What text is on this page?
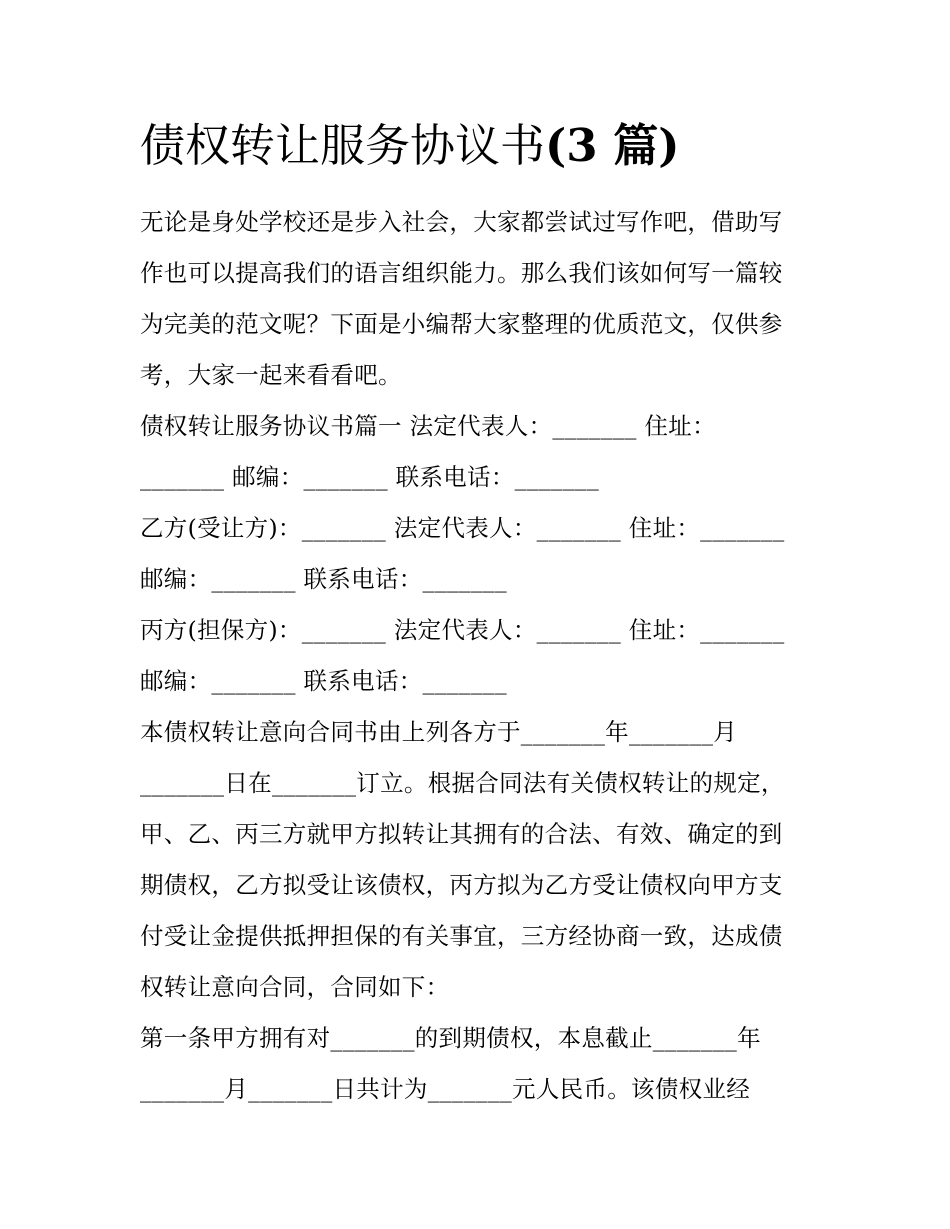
债权转让服务协议书(3 篇)

无论是身处学校还是步入社会，大家都尝试过写作吧，借助写

作也可以提高我们的语言组织能力。那么我们该如何写一篇较

为完美的范文呢？下面是小编帮大家整理的优质范文，仅供参

考，大家一起来看看吧。

债权转让服务协议书篇一 法定代表人：_______ 住址：

_______ 邮编：_______ 联系电话：_______

乙方(受让方)：_______ 法定代表人：_______ 住址：_______

邮编：_______ 联系电话：_______

丙方(担保方)：_______ 法定代表人：_______ 住址：_______

邮编：_______ 联系电话：_______

本债权转让意向合同书由上列各方于_______年_______月

_______日在_______订立。根据合同法有关债权转让的规定，

甲、乙、丙三方就甲方拟转让其拥有的合法、有效、确定的到

期债权，乙方拟受让该债权，丙方拟为乙方受让债权向甲方支

付受让金提供抵押担保的有关事宜，三方经协商一致，达成债

权转让意向合同，合同如下：

第一条甲方拥有对_______的到期债权，本息截止_______年

_______月_______日共计为_______元人民币。该债权业经
